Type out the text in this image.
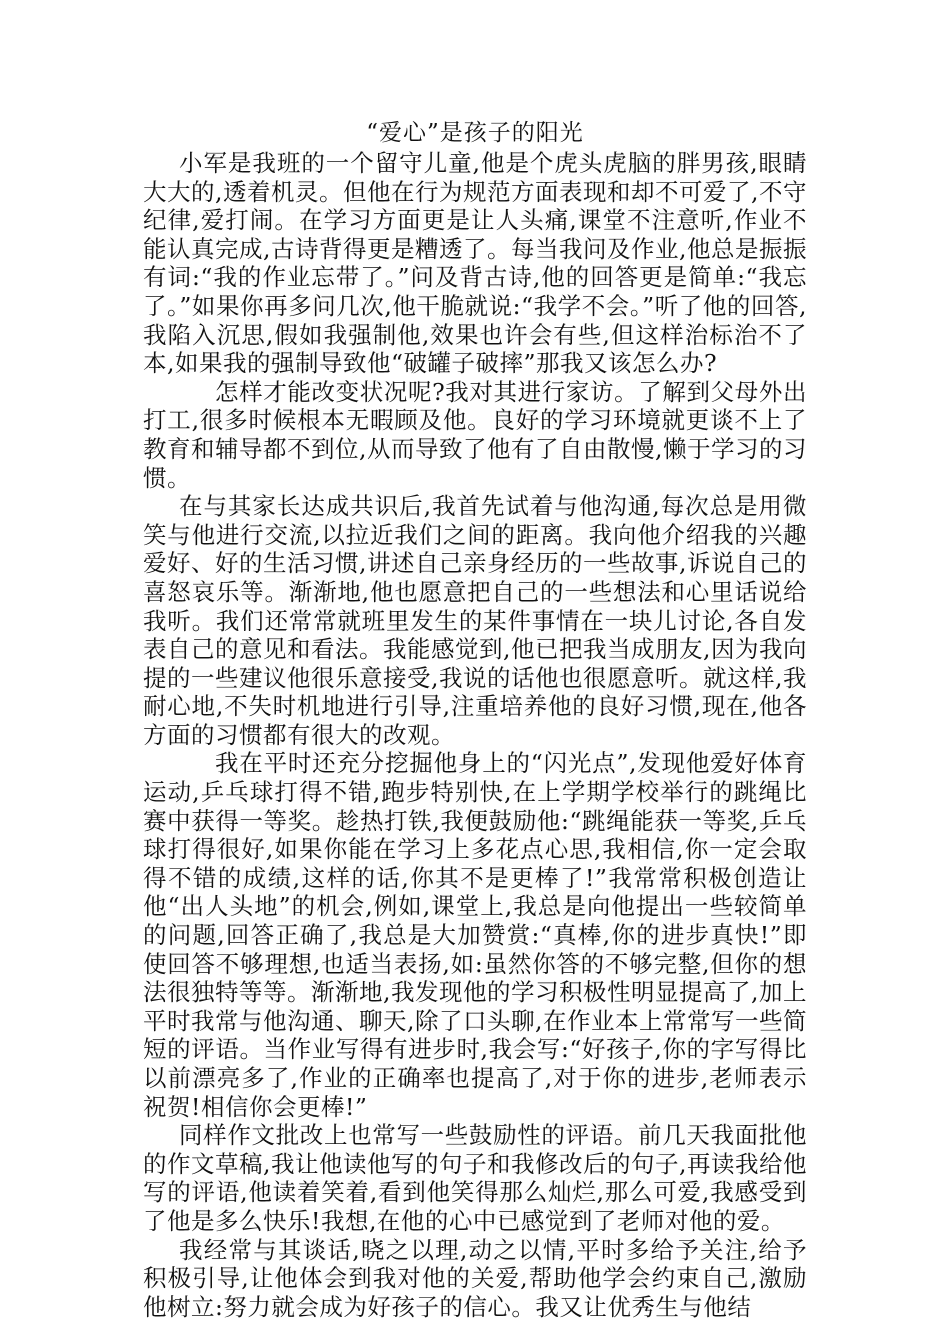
“爱心”是孩子的阳光

小军是我班的一个留守儿童,他是个虎头虎脑的胖男孩,眼睛大大的,透着机灵。但他在行为规范方面表现和却不可爱了,不守纪律,爱打闹。在学习方面更是让人头痛,课堂不注意听,作业不能认真完成,古诗背得更是糟透了。每当我问及作业,他总是振振有词:“我的作业忘带了。”问及背古诗,他的回答更是简单:“我忘了。”如果你再多问几次,他干脆就说:“我学不会。”听了他的回答,我陷入沉思,假如我强制他,效果也许会有些,但这样治标治不了本,如果我的强制导致他“破罐子破摔”那我又该怎么办?

怎样才能改变状况呢?我对其进行家访。了解到父母外出打工,很多时候根本无暇顾及他。良好的学习环境就更谈不上了教育和辅导都不到位,从而导致了他有了自由散慢,懒于学习的习惯。

在与其家长达成共识后,我首先试着与他沟通,每次总是用微笑与他进行交流,以拉近我们之间的距离。我向他介绍我的兴趣爱好、好的生活习惯,讲述自己亲身经历的一些故事,诉说自己的喜怒哀乐等。渐渐地,他也愿意把自己的一些想法和心里话说给我听。我们还常常就班里发生的某件事情在一块儿讨论,各自发表自己的意见和看法。我能感觉到,他已把我当成朋友,因为我向提的一些建议他很乐意接受,我说的话他也很愿意听。就这样,我耐心地,不失时机地进行引导,注重培养他的良好习惯,现在,他各方面的习惯都有很大的改观。

我在平时还充分挖掘他身上的“闪光点”,发现他爱好体育运动,乒乓球打得不错,跑步特别快,在上学期学校举行的跳绳比赛中获得一等奖。趁热打铁,我便鼓励他:“跳绳能获一等奖,乒乓球打得很好,如果你能在学习上多花点心思,我相信,你一定会取得不错的成绩,这样的话,你其不是更棒了!”我常常积极创造让他“出人头地”的机会,例如,课堂上,我总是向他提出一些较简单的问题,回答正确了,我总是大加赞赏:“真棒,你的进步真快!”即使回答不够理想,也适当表扬,如:虽然你答的不够完整,但你的想法很独特等等。渐渐地,我发现他的学习积极性明显提高了,加上平时我常与他沟通、聊天,除了口头聊,在作业本上常常写一些简短的评语。当作业写得有进步时,我会写:“好孩子,你的字写得比以前漂亮多了,作业的正确率也提高了,对于你的进步,老师表示祝贺!相信你会更棒!”

同样作文批改上也常写一些鼓励性的评语。前几天我面批他的作文草稿,我让他读他写的句子和我修改后的句子,再读我给他写的评语,他读着笑着,看到他笑得那么灿烂,那么可爱,我感受到了他是多么快乐!我想,在他的心中已感觉到了老师对他的爱。

我经常与其谈话,晓之以理,动之以情,平时多给予关注,给予积极引导,让他体会到我对他的关爱,帮助他学会约束自己,激励他树立:努力就会成为好孩子的信心。我又让优秀生与他结
